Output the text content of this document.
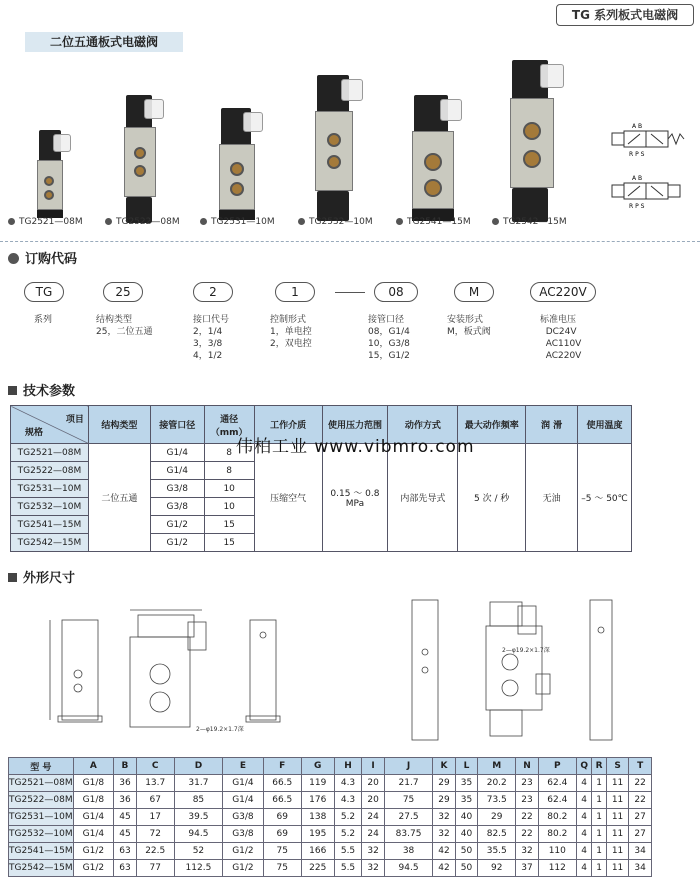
TG 系列板式电磁阀
二位五通板式电磁阀
TG2521—08M	TG2522—08M	TG2531—10M	TG2532—10M	TG2541—15M	TG2542—15M
A B
R P S
A B
R P S
订购代码
TG	25	2	1	08	M	AC220V
系列	结构类型
25，二位五通
接口代号
2，1/4
3，3/8
4，1/2
控制形式
1，单电控
2，双电控
接管口径
08，G1/4
10，G3/8
15，G1/2
安装形式
M，板式阀
标准电压
DC24V
AC110V
AC220V
技术参数
项目
规格	结构类型	接管口径	通径（mm）	工作介质	使用压力范围	动作方式	最大动作频率	润 滑	使用温度
TG2521—08M	二位五通	G1/4	8	压缩空气	0.15 ～ 0.8
MPa	内部先导式	5 次 / 秒	无油	–5 ～ 50℃
TG2522—08M		G1/4	8						
TG2531—10M		G3/8	10						
TG2532—10M		G3/8	10						
TG2541—15M		G1/2	15						
TG2542—15M		G1/2	15						
伟柏工业 www.vibmro.com
外形尺寸
2—φ19.2×1.7深
2—φ19.2×1.7深
型 号	A	B	C	D	E	F	G	H	I	J	K	L	M	N	P	Q	R	S	T
TG2521—08M	G1/8	36	13.7	31.7	G1/4	66.5	119	4.3	20	21.7	29	35	20.2	23	62.4	4	1	11	22
TG2522—08M	G1/8	36	67	85	G1/4	66.5	176	4.3	20	75	29	35	73.5	23	62.4	4	1	11	22
TG2531—10M	G1/4	45	17	39.5	G3/8	69	138	5.2	24	27.5	32	40	29	22	80.2	4	1	11	27
TG2532—10M	G1/4	45	72	94.5	G3/8	69	195	5.2	24	83.75	32	40	82.5	22	80.2	4	1	11	27
TG2541—15M	G1/2	63	22.5	52	G1/2	75	166	5.5	32	38	42	50	35.5	32	110	4	1	11	34
TG2542—15M	G1/2	63	77	112.5	G1/2	75	225	5.5	32	94.5	42	50	92	37	112	4	1	11	34
